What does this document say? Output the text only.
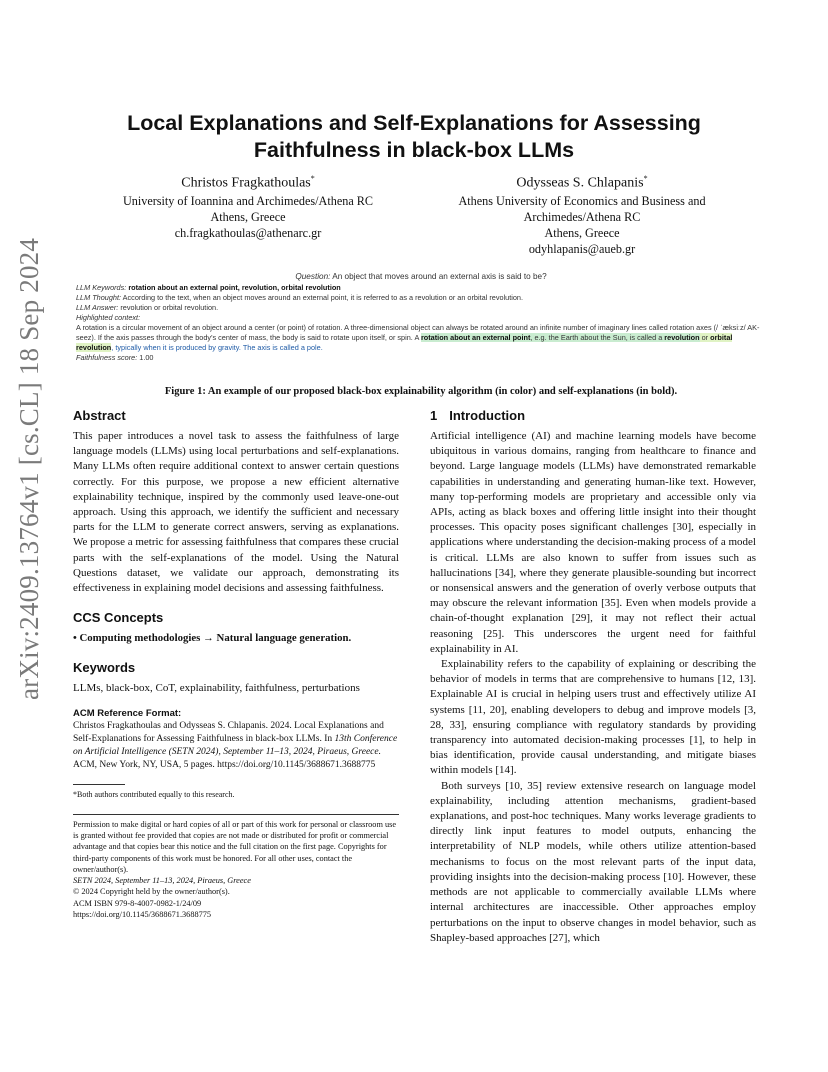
arXiv:2409.13764v1 [cs.CL] 18 Sep 2024
Local Explanations and Self-Explanations for Assessing Faithfulness in black-box LLMs
Christos Fragkathoulas*
University of Ioannina and Archimedes/Athena RC
Athens, Greece
ch.fragkathoulas@athenarc.gr
Odysseas S. Chlapanis*
Athens University of Economics and Business and
Archimedes/Athena RC
Athens, Greece
odyhlapanis@aueb.gr
Question: An object that moves around an external axis is said to be?
LLM Keywords: rotation about an external point, revolution, orbital revolution
LLM Thought: According to the text, when an object moves around an external point, it is referred to as a revolution or an orbital revolution.
LLM Answer: revolution or orbital revolution.
Highlighted context:
A rotation is a circular movement of an object around a center (or point) of rotation. A three-dimensional object can always be rotated around an infinite number of imaginary lines called rotation axes (/ ˈæksiːz/ AK-seez). If the axis passes through the body's center of mass, the body is said to rotate upon itself, or spin. A rotation about an external point, e.g. the Earth about the Sun, is called a revolution or orbital revolution, typically when it is produced by gravity. The axis is called a pole.
Faithfulness score: 1.00
Figure 1: An example of our proposed black-box explainability algorithm (in color) and self-explanations (in bold).
Abstract

This paper introduces a novel task to assess the faithfulness of large language models (LLMs) using local perturbations and self-explanations. Many LLMs often require additional context to answer certain questions correctly. For this purpose, we propose a new efficient alternative explainability technique, inspired by the commonly used leave-one-out approach. Using this approach, we identify the sufficient and necessary parts for the LLM to generate correct answers, serving as explanations. We propose a metric for assessing faithfulness that compares these crucial parts with the self-explanations of the model. Using the Natural Questions dataset, we validate our approach, demonstrating its effectiveness in explaining model decisions and assessing faithfulness.

CCS Concepts

• Computing methodologies → Natural language generation.

Keywords

LLMs, black-box, CoT, explainability, faithfulness, perturbations

ACM Reference Format:
Christos Fragkathoulas and Odysseas S. Chlapanis. 2024. Local Explanations and Self-Explanations for Assessing Faithfulness in black-box LLMs. In 13th Conference on Artificial Intelligence (SETN 2024), September 11–13, 2024, Piraeus, Greece. ACM, New York, NY, USA, 5 pages. https://doi.org/10.1145/3688671.3688775
*Both authors contributed equally to this research.
Permission to make digital or hard copies of all or part of this work for personal or classroom use is granted without fee provided that copies are not made or distributed for profit or commercial advantage and that copies bear this notice and the full citation on the first page. Copyrights for third-party components of this work must be honored. For all other uses, contact the owner/author(s).
SETN 2024, September 11–13, 2024, Piraeus, Greece
© 2024 Copyright held by the owner/author(s).
ACM ISBN 979-8-4007-0982-1/24/09
https://doi.org/10.1145/3688671.3688775
1 Introduction

Artificial intelligence (AI) and machine learning models have become ubiquitous in various domains, ranging from healthcare to finance and beyond. Large language models (LLMs) have demonstrated remarkable capabilities in understanding and generating human-like text. However, many top-performing models are proprietary and accessible only via APIs, acting as black boxes and offering little insight into their thought processes. This opacity poses significant challenges [30], especially in applications where understanding the decision-making process of a model is critical. LLMs are also known to suffer from issues such as hallucinations [34], where they generate plausible-sounding but incorrect or nonsensical answers and the generation of overly verbose outputs that may obscure the relevant information [35]. Even when models provide a chain-of-thought explanation [29], it may not reflect their actual reasoning [25]. This underscores the urgent need for faithful explainability in AI.

Explainability refers to the capability of explaining or describing the behavior of models in terms that are comprehensive to humans [12, 13]. Explainable AI is crucial in helping users trust and effectively utilize AI systems [11, 20], enabling developers to debug and improve models [3, 28, 33], ensuring compliance with regulatory standards by providing transparency into automated decision-making processes [1], to help in bias identification, provide causal understanding, and mitigate biases within models [14].

Both surveys [10, 35] review extensive research on language model explainability, including attention mechanisms, gradient-based explanations, and post-hoc techniques. Many works leverage gradients to directly link input features to model outputs, enhancing the interpretability of NLP models, while others utilize attention-based mechanisms to focus on the most relevant parts of the input data, providing insights into the decision-making process [10]. However, these methods are not applicable to commercially available LLMs where internal architectures are inaccessible. Other approaches employ perturbations on the input to observe changes in model behavior, such as Shapley-based approaches [27], which
